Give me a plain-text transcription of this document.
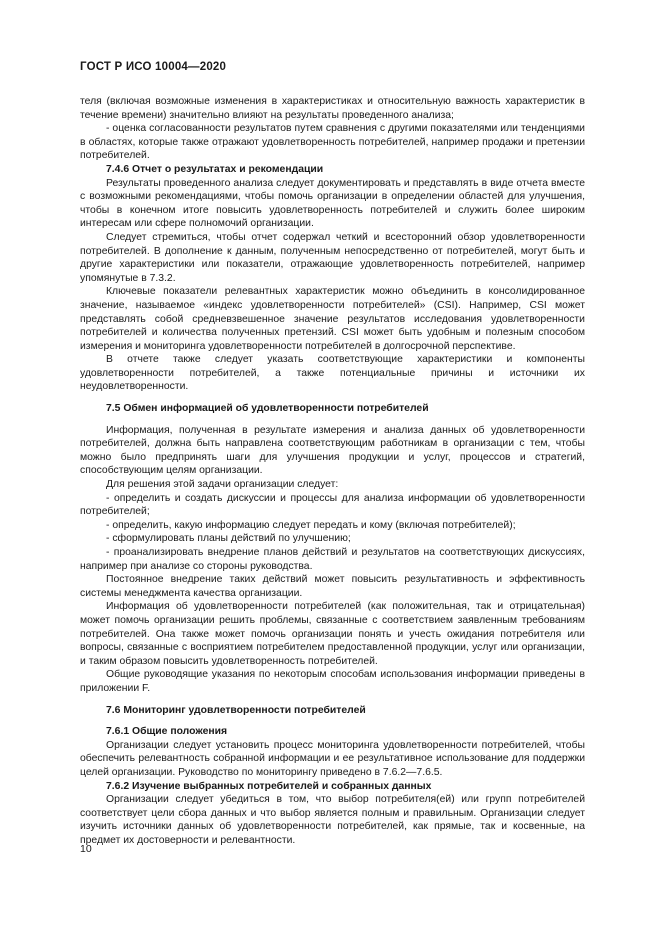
ГОСТ Р ИСО 10004—2020

теля (включая возможные изменения в характеристиках и относительную важность характеристик в течение времени) значительно влияют на результаты проведенного анализа;

- оценка согласованности результатов путем сравнения с другими показателями или тенденциями в областях, которые также отражают удовлетворенность потребителей, например продажи и претензии потребителей.

7.4.6 Отчет о результатах и рекомендации

Результаты проведенного анализа следует документировать и представлять в виде отчета вместе с возможными рекомендациями, чтобы помочь организации в определении областей для улучшения, чтобы в конечном итоге повысить удовлетворенность потребителей и служить более широким интересам или сфере полномочий организации.

Следует стремиться, чтобы отчет содержал четкий и всесторонний обзор удовлетворенности потребителей. В дополнение к данным, полученным непосредственно от потребителей, могут быть и другие характеристики или показатели, отражающие удовлетворенность потребителей, например упомянутые в 7.3.2.

Ключевые показатели релевантных характеристик можно объединить в консолидированное значение, называемое «индекс удовлетворенности потребителей» (CSI). Например, CSI может представлять собой средневзвешенное значение результатов исследования удовлетворенности потребителей и количества полученных претензий. CSI может быть удобным и полезным способом измерения и мониторинга удовлетворенности потребителей в долгосрочной перспективе.

В отчете также следует указать соответствующие характеристики и компоненты удовлетворенности потребителей, а также потенциальные причины и источники их неудовлетворенности.

7.5 Обмен информацией об удовлетворенности потребителей

Информация, полученная в результате измерения и анализа данных об удовлетворенности потребителей, должна быть направлена соответствующим работникам в организации с тем, чтобы можно было предпринять шаги для улучшения продукции и услуг, процессов и стратегий, способствующим целям организации.

Для решения этой задачи организации следует:

- определить и создать дискуссии и процессы для анализа информации об удовлетворенности потребителей;

- определить, какую информацию следует передать и кому (включая потребителей);

- сформулировать планы действий по улучшению;

- проанализировать внедрение планов действий и результатов на соответствующих дискуссиях, например при анализе со стороны руководства.

Постоянное внедрение таких действий может повысить результативность и эффективность системы менеджмента качества организации.

Информация об удовлетворенности потребителей (как положительная, так и отрицательная) может помочь организации решить проблемы, связанные с соответствием заявленным требованиям потребителей. Она также может помочь организации понять и учесть ожидания потребителя или вопросы, связанные с восприятием потребителем предоставленной продукции, услуг или организации, и таким образом повысить удовлетворенность потребителей.

Общие руководящие указания по некоторым способам использования информации приведены в приложении F.

7.6 Мониторинг удовлетворенности потребителей

7.6.1 Общие положения

Организации следует установить процесс мониторинга удовлетворенности потребителей, чтобы обеспечить релевантность собранной информации и ее результативное использование для поддержки целей организации. Руководство по мониторингу приведено в 7.6.2—7.6.5.

7.6.2 Изучение выбранных потребителей и собранных данных

Организации следует убедиться в том, что выбор потребителя(ей) или групп потребителей соответствует цели сбора данных и что выбор является полным и правильным. Организации следует изучить источники данных об удовлетворенности потребителей, как прямые, так и косвенные, на предмет их достоверности и релевантности.

10
